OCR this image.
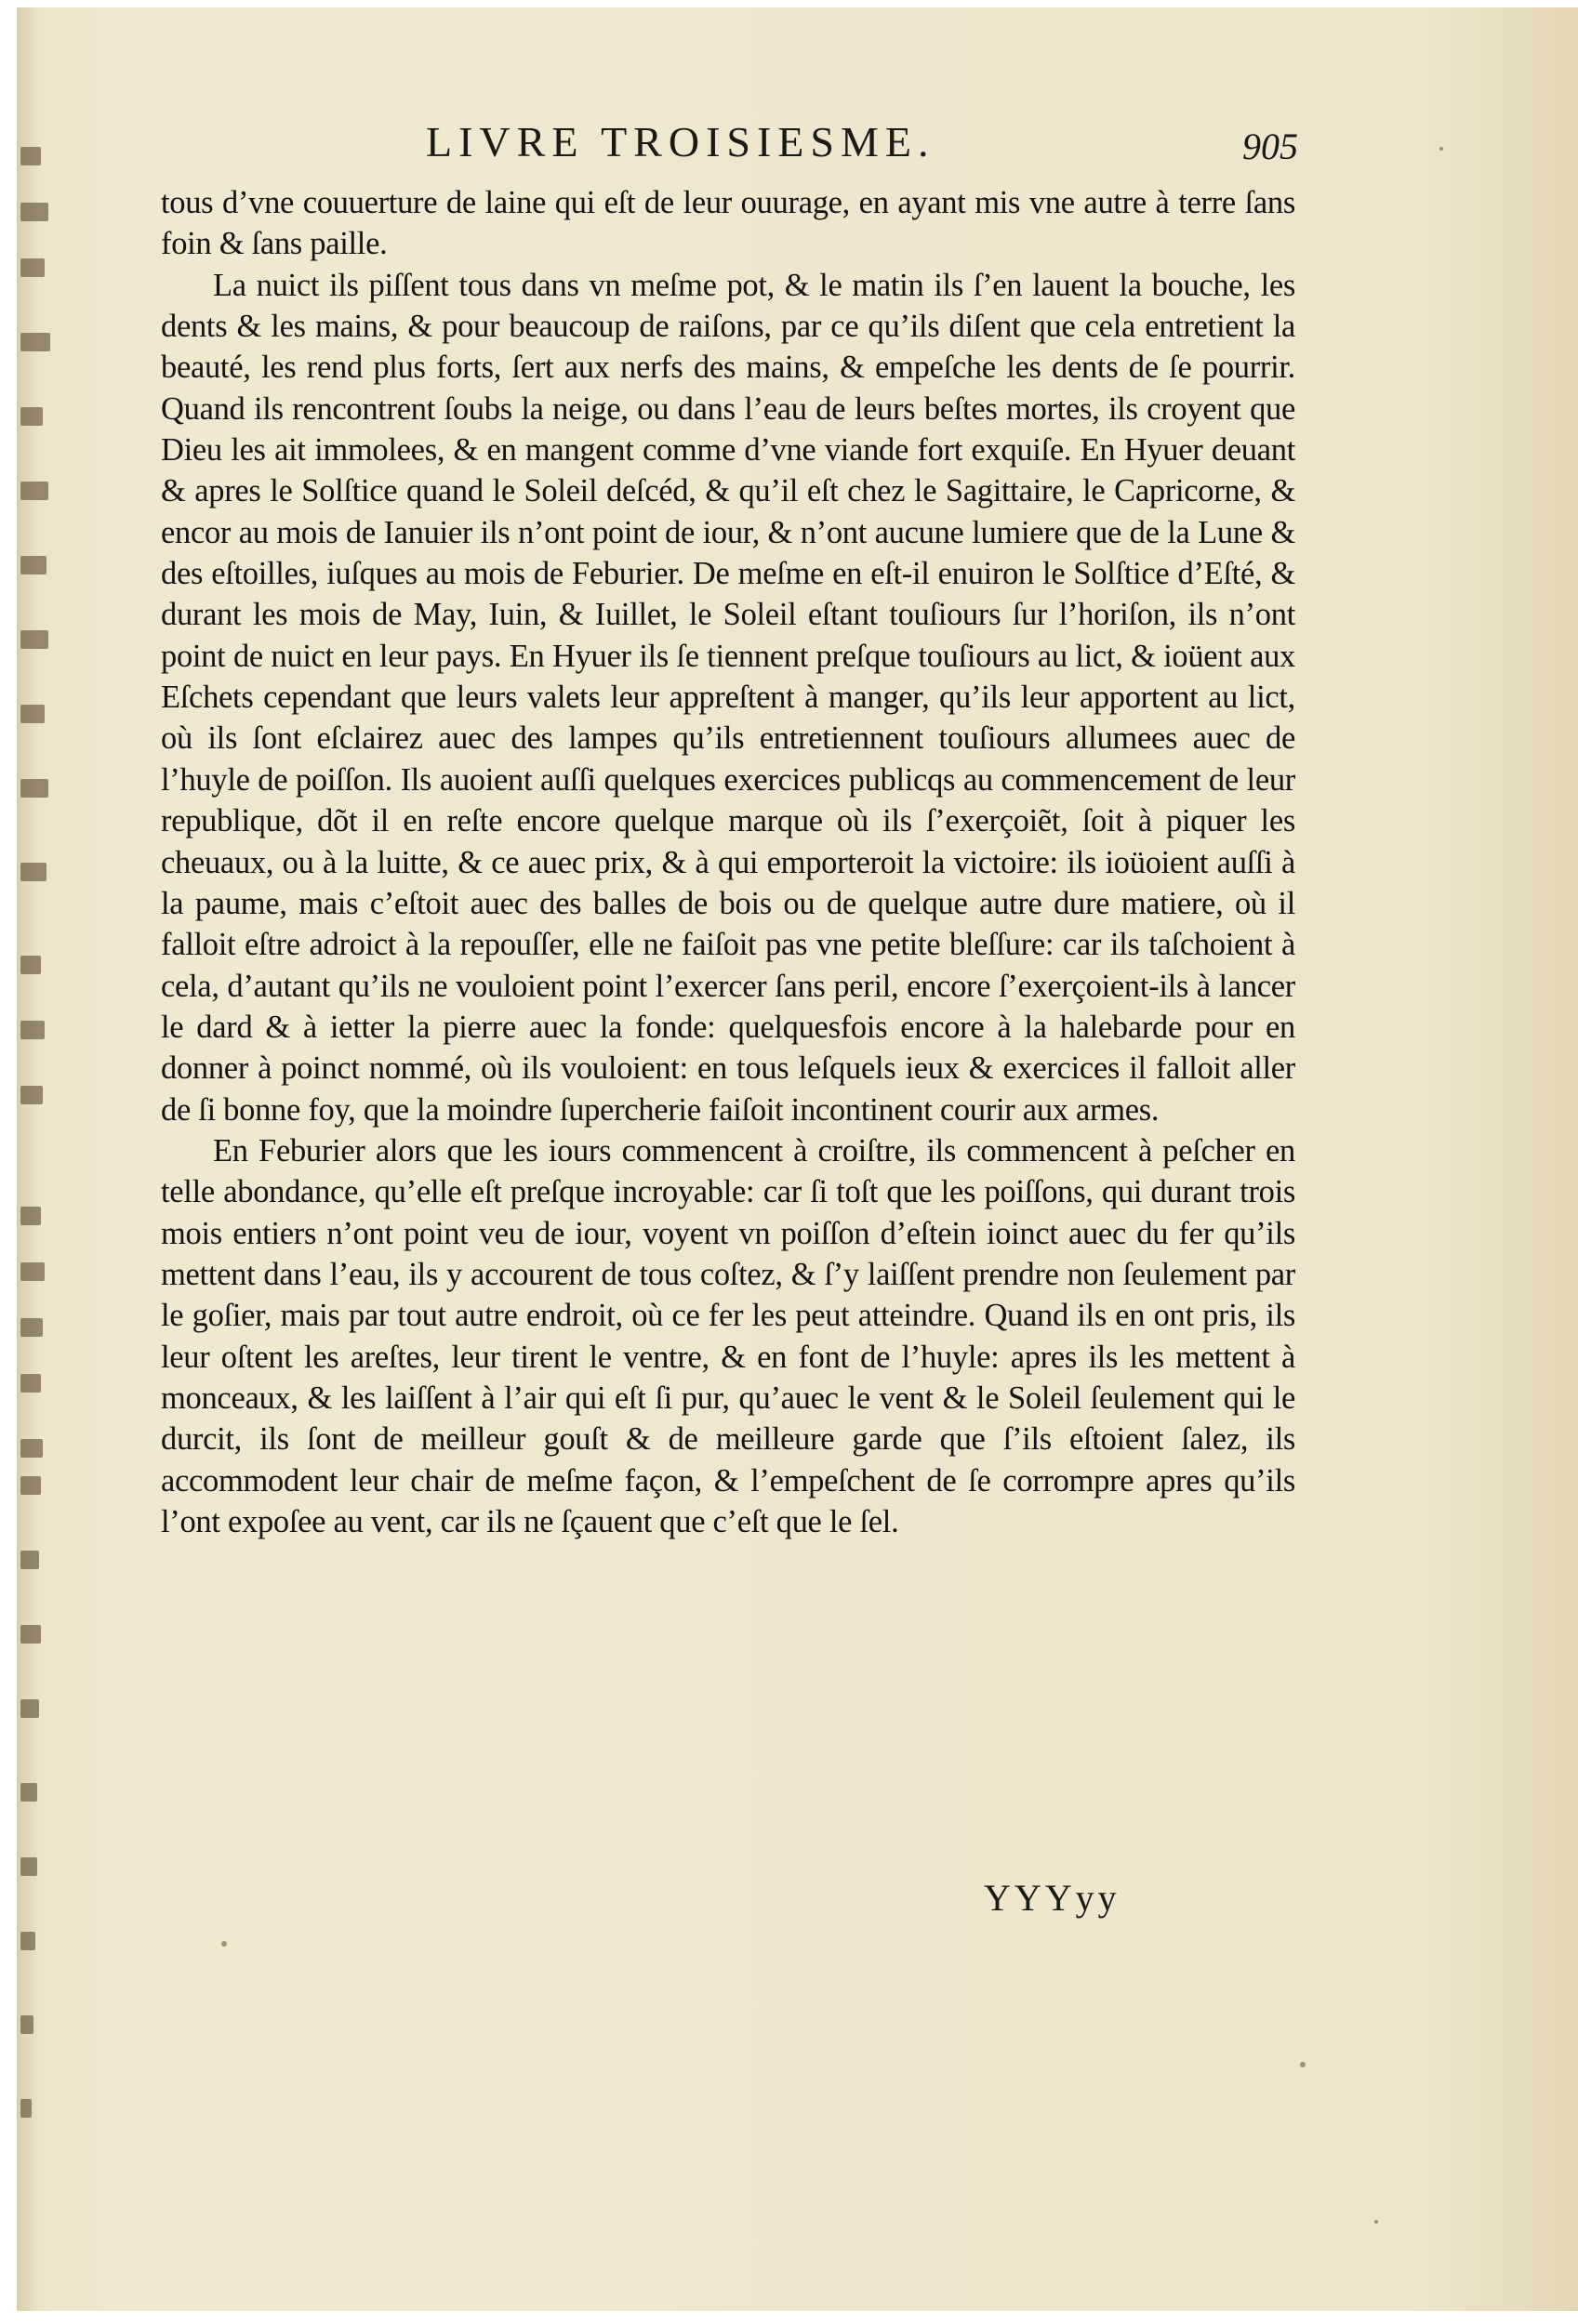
LIVRE TROISIESME.	905

tous d’vne couuerture de laine qui eſt de leur ouurage, en ayant mis vne autre à terre ſans foin & ſans paille.

La nuict ils piſſent tous dans vn meſme pot, & le matin ils ſ’en lauent la bouche, les dents & les mains, & pour beaucoup de raiſons, par ce qu’ils diſent que cela entretient la beauté, les rend plus forts, ſert aux nerfs des mains, & empeſche les dents de ſe pourrir. Quand ils rencontrent ſoubs la neige, ou dans l’eau de leurs beſtes mortes, ils croyent que Dieu les ait immolees, & en mangent comme d’vne viande fort exquiſe. En Hyuer deuant & apres le Solſtice quand le Soleil deſcéd, & qu’il eſt chez le Sagittaire, le Capricorne, & encor au mois de Ianuier ils n’ont point de iour, & n’ont aucune lumiere que de la Lune & des eſtoilles, iuſques au mois de Feburier. De meſme en eſt-il enuiron le Solſtice d’Eſté, & durant les mois de May, Iuin, & Iuillet, le Soleil eſtant touſiours ſur l’horiſon, ils n’ont point de nuict en leur pays. En Hyuer ils ſe tiennent preſque touſiours au lict, & ioüent aux Eſchets cependant que leurs valets leur appreſtent à manger, qu’ils leur apportent au lict, où ils ſont eſclairez auec des lampes qu’ils entretiennent touſiours allumees auec de l’huyle de poiſſon. Ils auoient auſſi quelques exercices publicqs au commencement de leur republique, dõt il en reſte encore quelque marque où ils ſ’exerçoiẽt, ſoit à piquer les cheuaux, ou à la luitte, & ce auec prix, & à qui emporteroit la victoire: ils ioüoient auſſi à la paume, mais c’eſtoit auec des balles de bois ou de quelque autre dure matiere, où il falloit eſtre adroict à la repouſſer, elle ne faiſoit pas vne petite bleſſure: car ils taſchoient à cela, d’autant qu’ils ne vouloient point l’exercer ſans peril, encore ſ’exerçoient-ils à lancer le dard & à ietter la pierre auec la fonde: quelquesfois encore à la halebarde pour en donner à poinct nommé, où ils vouloient: en tous leſquels ieux & exercices il falloit aller de ſi bonne foy, que la moindre ſupercherie faiſoit incontinent courir aux armes.

En Feburier alors que les iours commencent à croiſtre, ils commencent à peſcher en telle abondance, qu’elle eſt preſque incroyable: car ſi toſt que les poiſſons, qui durant trois mois entiers n’ont point veu de iour, voyent vn poiſſon d’eſtein ioinct auec du fer qu’ils mettent dans l’eau, ils y accourent de tous coſtez, & ſ’y laiſſent prendre non ſeulement par le goſier, mais par tout autre endroit, où ce fer les peut atteindre. Quand ils en ont pris, ils leur oſtent les areſtes, leur tirent le ventre, & en font de l’huyle: apres ils les mettent à monceaux, & les laiſſent à l’air qui eſt ſi pur, qu’auec le vent & le Soleil ſeulement qui le durcit, ils ſont de meilleur gouſt & de meilleure garde que ſ’ils eſtoient ſalez, ils accommodent leur chair de meſme façon, & l’empeſchent de ſe corrompre apres qu’ils l’ont expoſee au vent, car ils ne ſçauent que c’eſt que le ſel.

YYYyy
